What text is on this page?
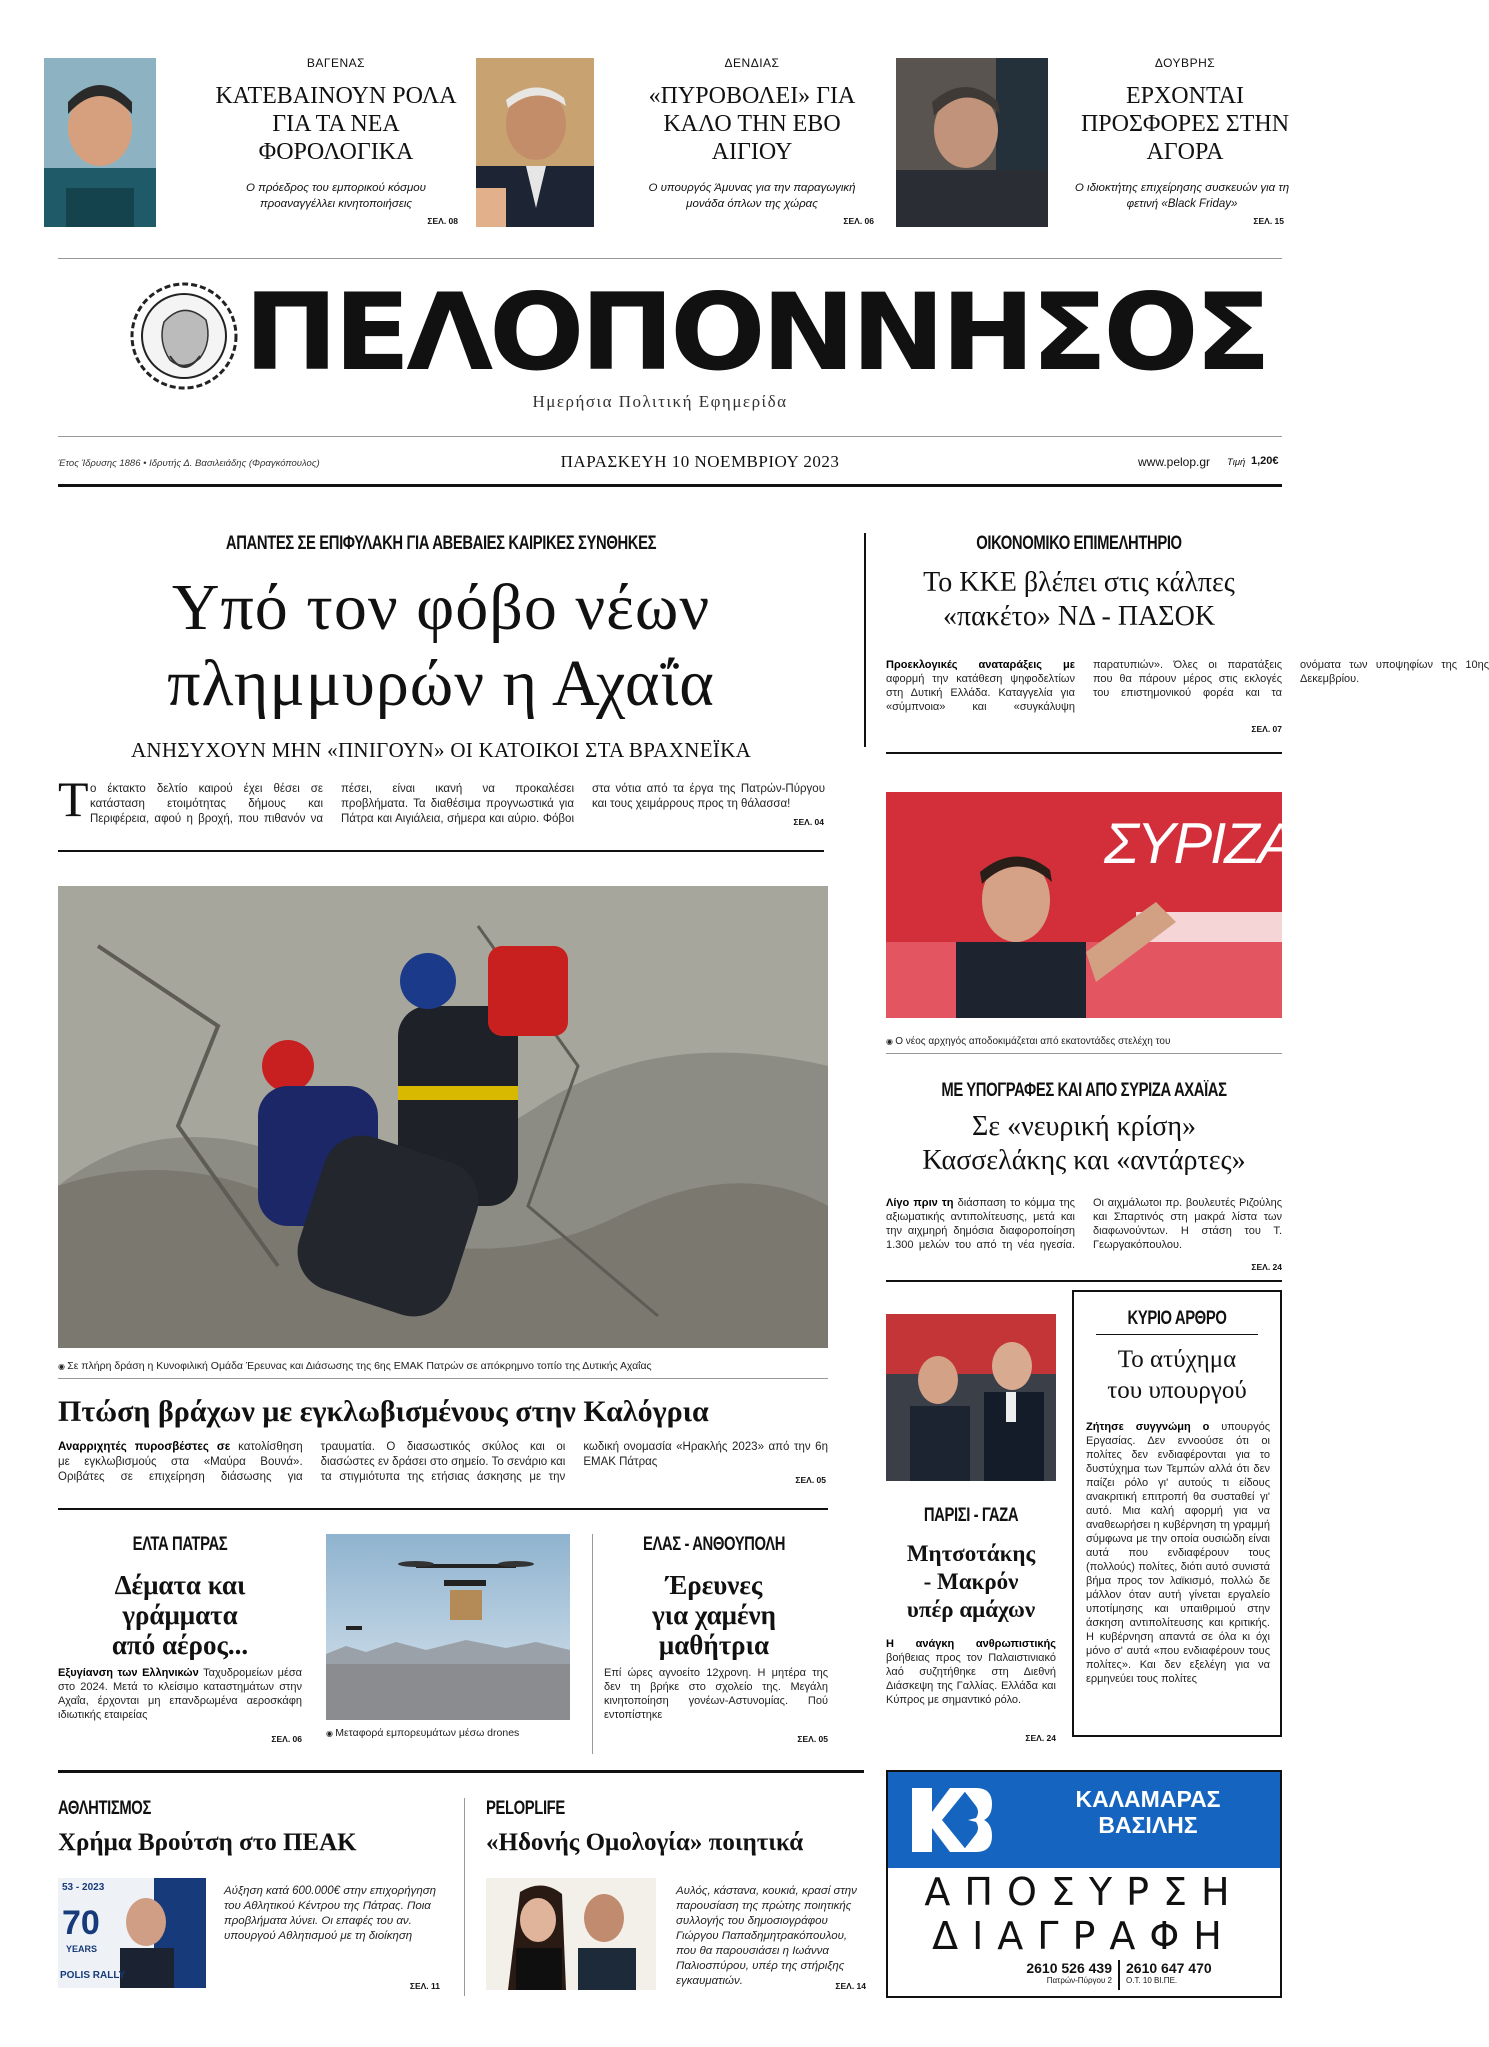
ΒΑΓΕΝΑΣ
ΚΑΤΕΒΑΙΝΟΥΝ ΡΟΛΑ ΓΙΑ ΤΑ ΝΕΑ ΦΟΡΟΛΟΓΙΚΑ
Ο πρόεδρος του εμπορικού κόσμου προαναγγέλλει κινητοποιήσεις
ΣΕΛ. 08
ΔΕΝΔΙΑΣ
«ΠΥΡΟΒΟΛΕΙ» ΓΙΑ ΚΑΛΟ ΤΗΝ ΕΒΟ ΑΙΓΙΟΥ
Ο υπουργός Άμυνας για την παραγωγική μονάδα όπλων της χώρας
ΣΕΛ. 06
ΔΟΥΒΡΗΣ
ΕΡΧΟΝΤΑΙ ΠΡΟΣΦΟΡΕΣ ΣΤΗΝ ΑΓΟΡΑ
Ο ιδιοκτήτης επιχείρησης συσκευών για τη φετινή «Black Friday»
ΣΕΛ. 15
ΠΕΛΟΠΟΝΝΗΣΟΣ
Ημερήσια Πολιτική Εφημερίδα
Έτος Ίδρυσης 1886 • Ιδρυτής Δ. Βασιλειάδης (Φραγκόπουλος)	ΠΑΡΑΣΚΕΥΗ 10 ΝΟΕΜΒΡΙΟΥ 2023	www.pelop.gr Τιμή 1,20€
ΑΠΑΝΤΕΣ ΣΕ ΕΠΙΦΥΛΑΚΗ ΓΙΑ ΑΒΕΒΑΙΕΣ ΚΑΙΡΙΚΕΣ ΣΥΝΘΗΚΕΣ
Υπό τον φόβο νέων
πλημμυρών η Αχαΐα
ΑΝΗΣΥΧΟΥΝ ΜΗΝ «ΠΝΙΓΟΥΝ» ΟΙ ΚΑΤΟΙΚΟΙ ΣΤΑ ΒΡΑΧΝΕΪΚΑ
Τ ο έκτακτο δελτίο καιρού έχει θέσει σε κατάσταση ετοιμότητας δήμους και Περιφέρεια, αφού η βροχή, που πιθανόν να πέσει, είναι ικανή να προκαλέσει προβλήματα. Τα διαθέσιμα προγνωστικά για Πάτρα και Αιγιάλεια, σήμερα και αύριο. Φόβοι στα νότια από τα έργα της Πατρών-Πύργου και τους χειμάρρους προς τη θάλασσα!
ΣΕΛ. 04
◉ Σε πλήρη δράση η Κυνοφιλική Ομάδα Έρευνας και Διάσωσης της 6ης ΕΜΑΚ Πατρών σε απόκρημνο τοπίο της Δυτικής Αχαΐας
Πτώση βράχων με εγκλωβισμένους στην Καλόγρια
Αναρριχητές πυροσβέστες σε κατολίσθηση με εγκλωβισμούς στα «Μαύρα Βουνά». Οριβάτες σε επιχείρηση διάσωσης για τραυματία. Ο διασωστικός σκύλος και οι διασώστες εν δράσει στο σημείο. Το σενάριο και τα στιγμιότυπα της ετήσιας άσκησης με την κωδική ονομασία «Ηρακλής 2023» από την 6η ΕΜΑΚ Πάτρας
ΣΕΛ. 05
ΟΙΚΟΝΟΜΙΚΟ ΕΠΙΜΕΛΗΤΗΡΙΟ
Το ΚΚΕ βλέπει στις κάλπες
«πακέτο» ΝΔ - ΠΑΣΟΚ
Προεκλογικές αναταράξεις με αφορμή την κατάθεση ψηφοδελτίων στη Δυτική Ελλάδα. Καταγγελία για «σύμπνοια» και «συγκάλυψη παρατυπιών». Όλες οι παρατάξεις που θα πάρουν μέρος στις εκλογές του επιστημονικού φορέα και τα ονόματα των υποψηφίων της 10ης Δεκεμβρίου.
ΣΕΛ. 07
ΣΥΡΙΖΑ
◉ Ο νέος αρχηγός αποδοκιμάζεται από εκατοντάδες στελέχη του
ΜΕ ΥΠΟΓΡΑΦΕΣ ΚΑΙ ΑΠΟ ΣΥΡΙΖΑ ΑΧΑΪΑΣ
Σε «νευρική κρίση»
Κασσελάκης και «αντάρτες»
Λίγο πριν τη διάσπαση το κόμμα της αξιωματικής αντιπολίτευσης, μετά και την αιχμηρή δημόσια διαφοροποίηση 1.300 μελών του από τη νέα ηγεσία. Οι αιχμάλωτοι πρ. βουλευτές Ριζούλης και Σπαρτινός στη μακρά λίστα των διαφωνούντων. Η στάση του Τ. Γεωργακόπουλου.
ΣΕΛ. 24
ΠΑΡΙΣΙ - ΓΑΖΑ
Μητσοτάκης
- Μακρόν
υπέρ αμάχων
Η ανάγκη ανθρωπιστικής βοήθειας προς τον Παλαιστινιακό λαό συζητήθηκε στη Διεθνή Διάσκεψη της Γαλλίας. Ελλάδα και Κύπρος με σημαντικό ρόλο.
ΣΕΛ. 24
ΚΥΡΙΟ ΑΡΘΡΟ
Το ατύχημα
του υπουργού
Ζήτησε συγγνώμη ο υπουργός Εργασίας. Δεν εννοούσε ότι οι πολίτες δεν ενδιαφέρονται για το δυστύχημα των Τεμπών αλλά ότι δεν παίζει ρόλο γι' αυτούς τι είδους ανακριτική επιτροπή θα συσταθεί γι' αυτό. Μια καλή αφορμή για να αναθεωρήσει η κυβέρνηση τη γραμμή σύμφωνα με την οποία ουσιώδη είναι αυτά που ενδιαφέρουν τους (πολλούς) πολίτες, διότι αυτό συνιστά βήμα προς τον λαϊκισμό, πολλώ δε μάλλον όταν αυτή γίνεται εργαλείο υποτίμησης και υπαιθριμού στην άσκηση αντιπολίτευσης και κριτικής. Η κυβέρνηση απαντά σε όλα κι όχι μόνο σ' αυτά «που ενδιαφέρουν τους πολίτες». Και δεν εξελέγη για να ερμηνεύει τους πολίτες
ΕΛΤΑ ΠΑΤΡΑΣ
Δέματα και
γράμματα
από αέρος...
Εξυγίανση των Ελληνικών Ταχυδρομείων μέσα στο 2024. Μετά το κλείσιμο καταστημάτων στην Αχαΐα, έρχονται μη επανδρωμένα αεροσκάφη ιδιωτικής εταιρείας
ΣΕΛ. 06
◉	Μεταφορά εμπορευμάτων μέσω drones
ΕΛΑΣ - ΑΝΘΟΥΠΟΛΗ
Έρευνες
για χαμένη
μαθήτρια
Επί ώρες αγνοείτο 12χρονη. Η μητέρα της δεν τη βρήκε στο σχολείο της. Μεγάλη κινητοποίηση γονέων-Αστυνομίας. Πού εντοπίστηκε
ΣΕΛ. 05
ΑΘΛΗΤΙΣΜΟΣ
Χρήμα Βρούτση στο ΠΕΑΚ
53 - 2023
70
YEARS
POLIS RALLY
Αύξηση κατά 600.000€ στην επιχορήγηση του Αθλητικού Κέντρου της Πάτρας. Ποια προβλήματα λύνει. Οι επαφές του αν. υπουργού Αθλητισμού με τη διοίκηση
ΣΕΛ. 11
PELOPLIFE
«Ηδονής Ομολογία» ποιητικά
Αυλός, κάστανα, κουκιά, κρασί στην παρουσίαση της πρώτης ποιητικής συλλογής του δημοσιογράφου Γιώργου Παπαδημητρακόπουλου, που θα παρουσιάσει η Ιωάννα Παλιοσπύρου, υπέρ της στήριξης εγκαυματιών.	ΣΕΛ. 14
ΚΑΛΑΜΑΡΑΣ
ΒΑΣΙΛΗΣ
ΑΠΟΣΥΡΣΗ
ΔΙΑΓΡΑΦΗ
2610 526 439
Πατρών-Πύργου 2
2610 647 470
Ο.Τ. 10 ΒΙ.ΠΕ.
